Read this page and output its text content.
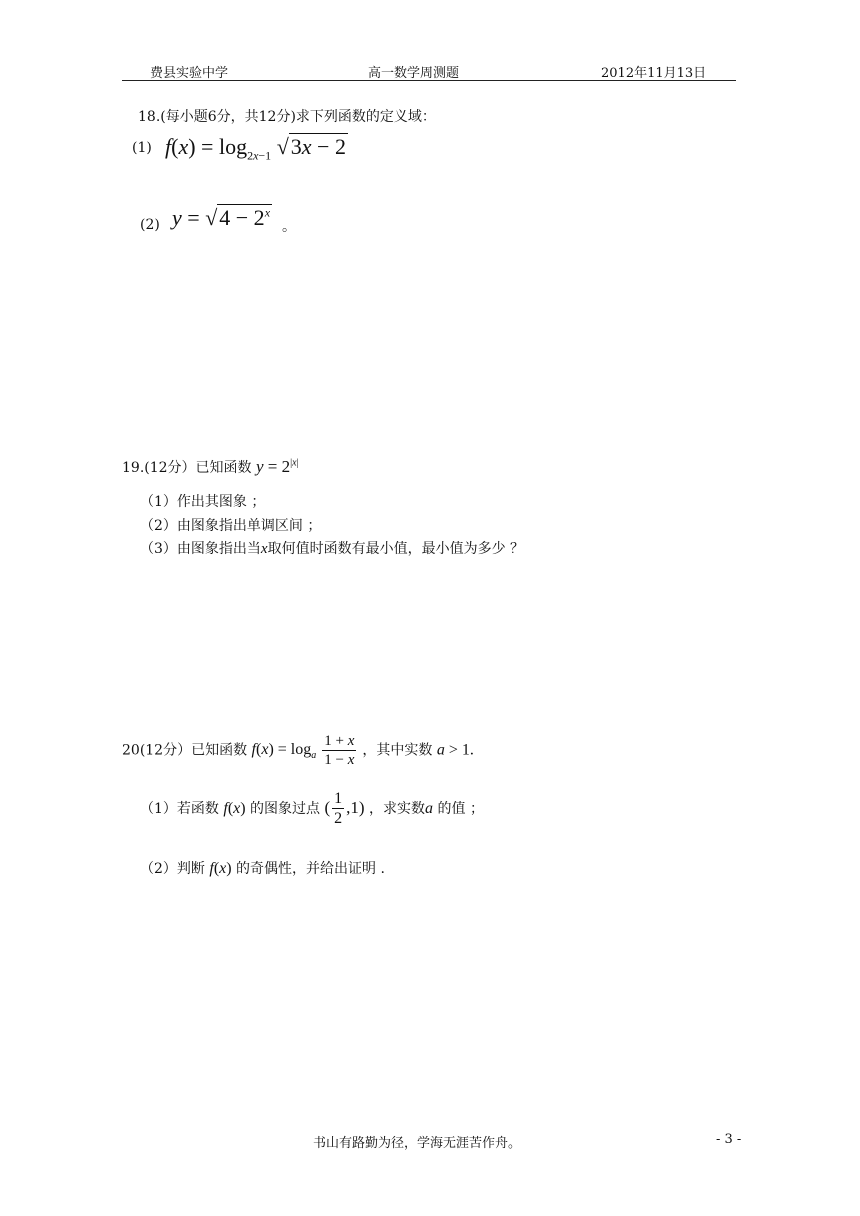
费县实验中学	高一数学周测题	2012年11月13日
18.(每小题6分，共12分)求下列函数的定义域：
(1) $f(x) = \log_{2x-1} √3x - 2$
(2) $y = √4 - 2^x$
。
19.(12分）已知函数 $y = 2^{|x|}$
（1）作出其图象 ；
（2）由图象指出单调区间 ；
（3）由图象指出当x取何值时函数有最小值，最小值为多少 ？
20(12分）已知函数 $f(x) = \log_a \frac{1 + x}{1 - x}$ ，其中实数 a > 1.
（1）若函数 f(x) 的图象过点 ( $\frac{1}{2} ,1$) ，求实数a 的值 ；
（2）判断 f(x) 的奇偶性，并给出证明 .
书山有路勤为径，学海无涯苦作舟。	- 3 -
